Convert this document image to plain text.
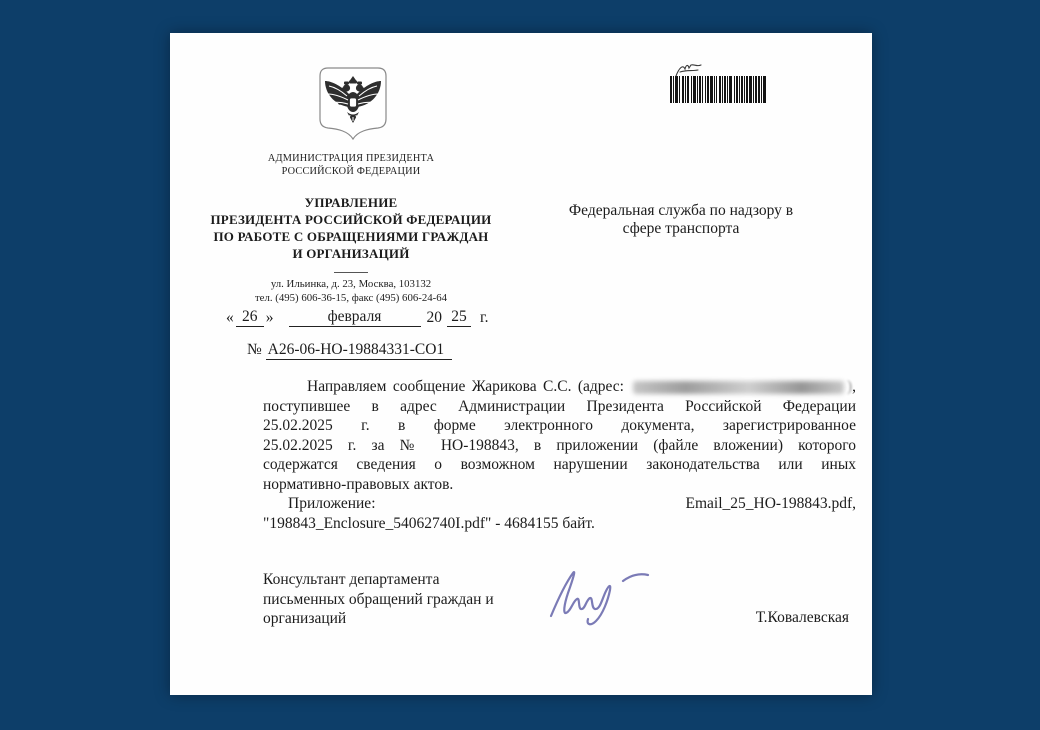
АДМИНИСТРАЦИЯ ПРЕЗИДЕНТА
РОССИЙСКОЙ ФЕДЕРАЦИИ
УПРАВЛЕНИЕ
ПРЕЗИДЕНТА РОССИЙСКОЙ ФЕДЕРАЦИИ
ПО РАБОТЕ С ОБРАЩЕНИЯМИ ГРАЖДАН
И ОРГАНИЗАЦИЙ
ул. Ильинка, д. 23, Москва, 103132
тел. (495) 606-36-15, факс (495) 606-24-64
Федеральная служба по надзору в
сфере транспорта
« 26 »	февраля	20 25 г.
№ А26-06-НО-19884331-СО1
Направляем сообщение Жарикова С.С. (адрес:	) ,
поступившее в адрес Администрации Президента Российской Федерации
25.02.2025 г. в форме электронного документа, зарегистрированное
25.02.2025 г. за № НО-198843, в приложении (файле вложении) которого
содержатся сведения о возможном нарушении законодательства или иных
нормативно-правовых актов.
Приложение:	Email_25_НО-198843.pdf,
"198843_Enclosure_54062740I.pdf" - 4684155 байт.
Консультант департамента
письменных обращений граждан и
организаций	Т.Ковалевская
